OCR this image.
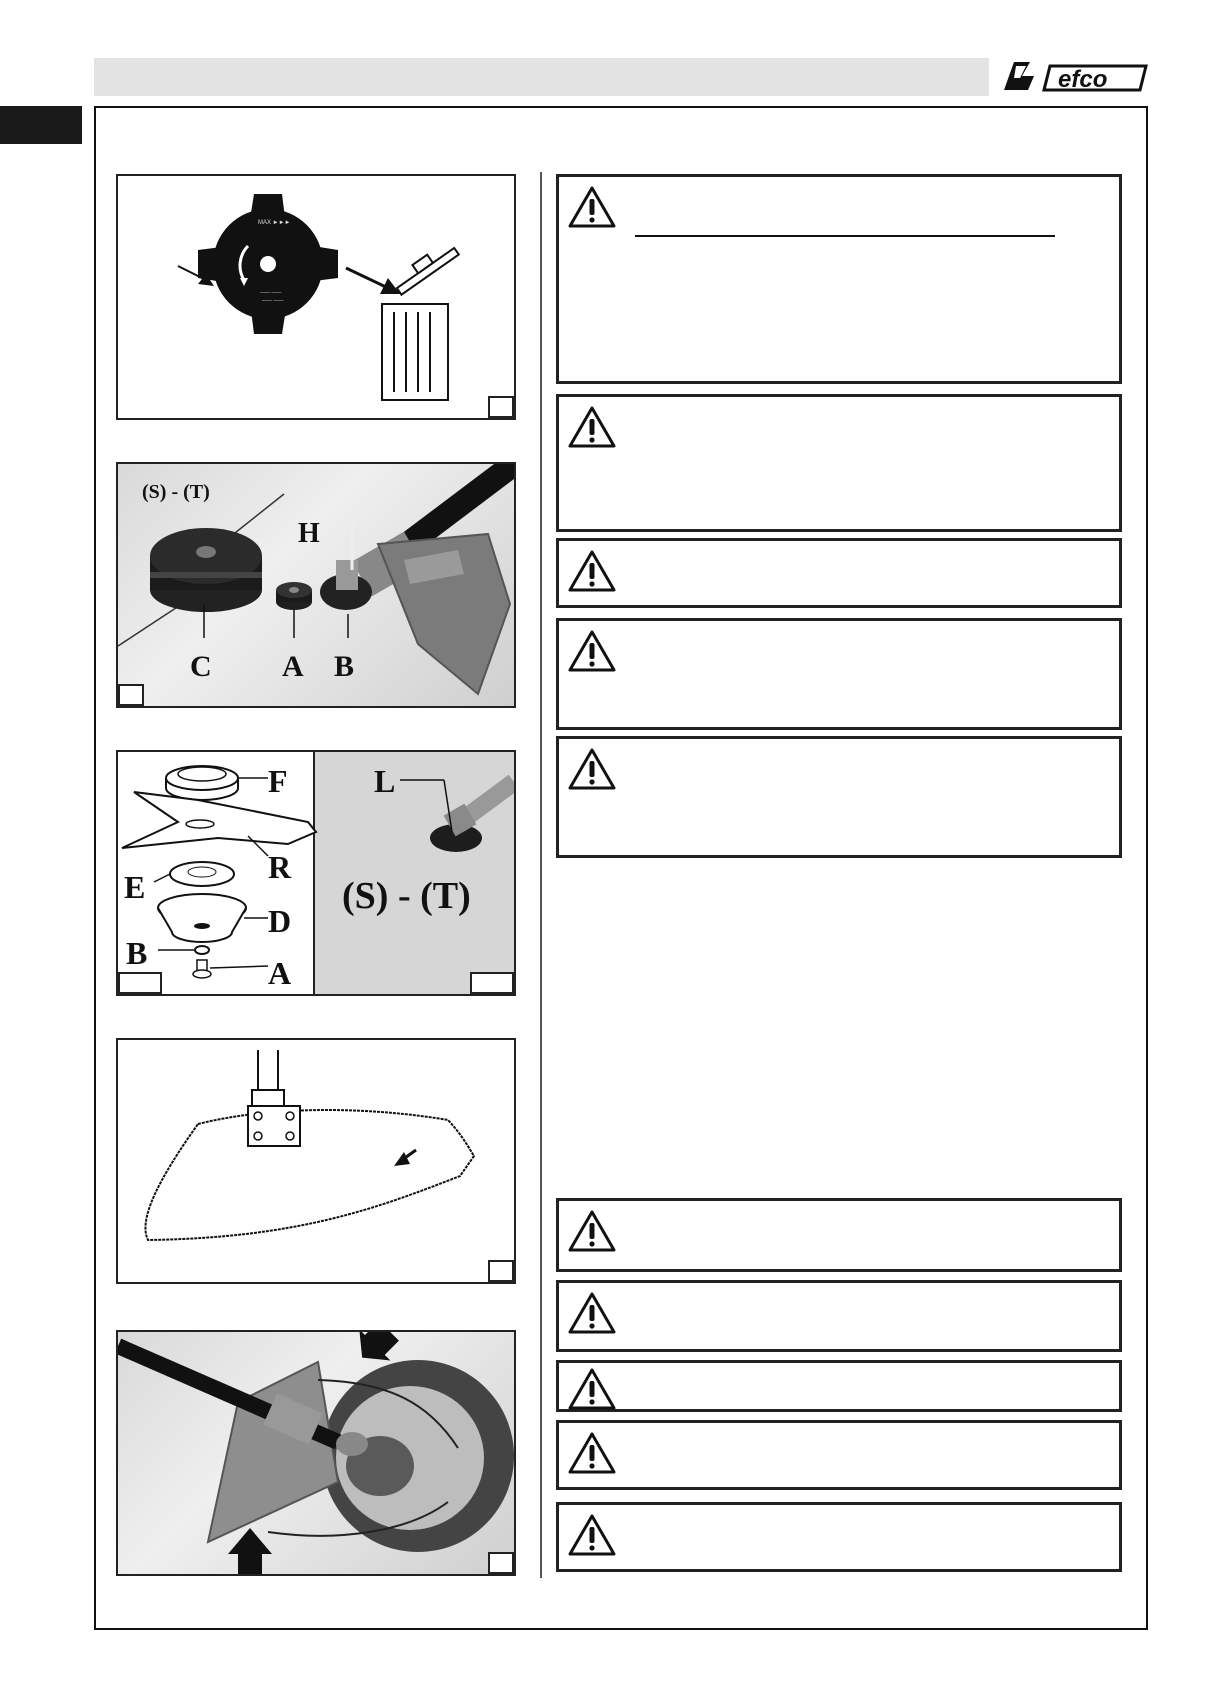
efco
MAX ►►►
—— ——
—— ——
(S) - (T)
H
C A B
F
R
E
D
B
A
L
(S) - (T)
